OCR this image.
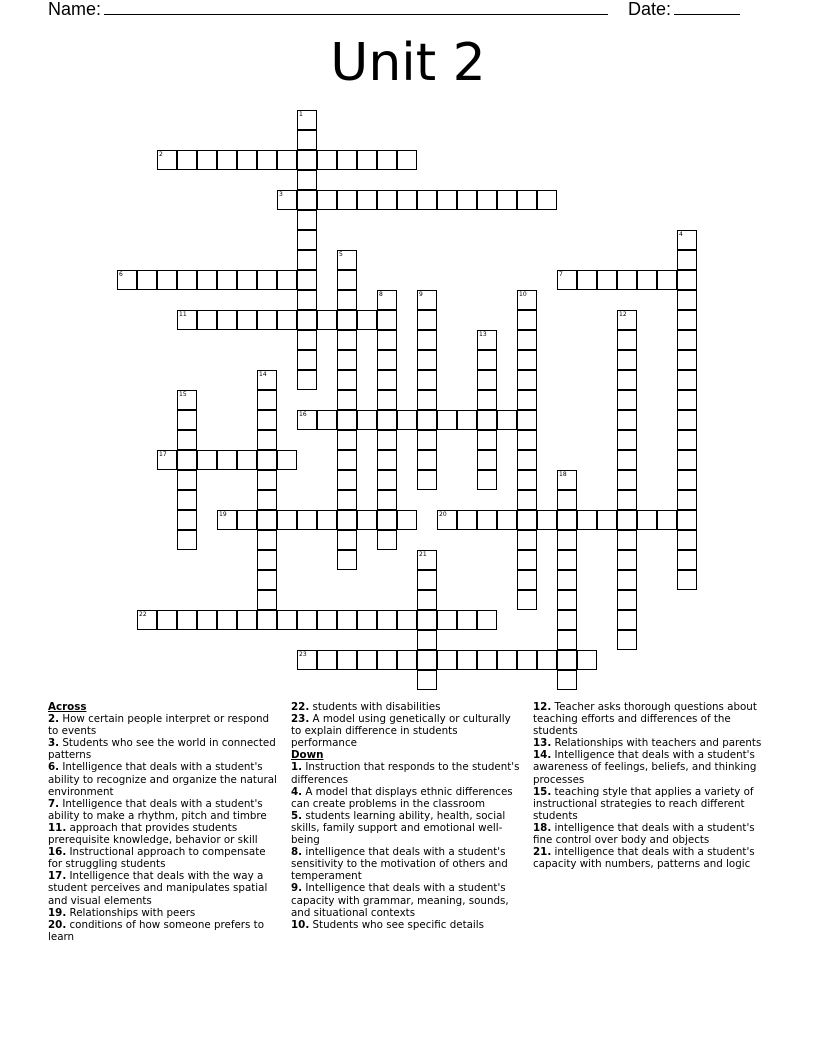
Name:	Date:
Unit 2
1
2
3
4
5
6	7
8	9	10
11	12
13
14
15
16
17
18
19	20
21
22
23
Across
2. How certain people interpret or respond to events
3. Students who see the world in connected patterns
6. Intelligence that deals with a student's ability to recognize and organize the natural environment
7. Intelligence that deals with a student's ability to make a rhythm, pitch and timbre
11. approach that provides students prerequisite knowledge, behavior or skill
16. Instructional approach to compensate for struggling students
17. Intelligence that deals with the way a student perceives and manipulates spatial and visual elements
19. Relationships with peers
20. conditions of how someone prefers to learn
22. students with disabilities
23. A model using genetically or culturally to explain difference in students performance
Down
1. Instruction that responds to the student's differences
4. A model that displays ethnic differences can create problems in the classroom
5. students learning ability, health, social skills, family support and emotional well-being
8. intelligence that deals with a student's sensitivity to the motivation of others and temperament
9. Intelligence that deals with a student's capacity with grammar, meaning, sounds, and situational contexts
10. Students who see specific details
12. Teacher asks thorough questions about teaching efforts and differences of the students
13. Relationships with teachers and parents
14. Intelligence that deals with a student's awareness of feelings, beliefs, and thinking processes
15. teaching style that applies a variety of instructional strategies to reach different students
18. intelligence that deals with a student's fine control over body and objects
21. intelligence that deals with a student's capacity with numbers, patterns and logic
